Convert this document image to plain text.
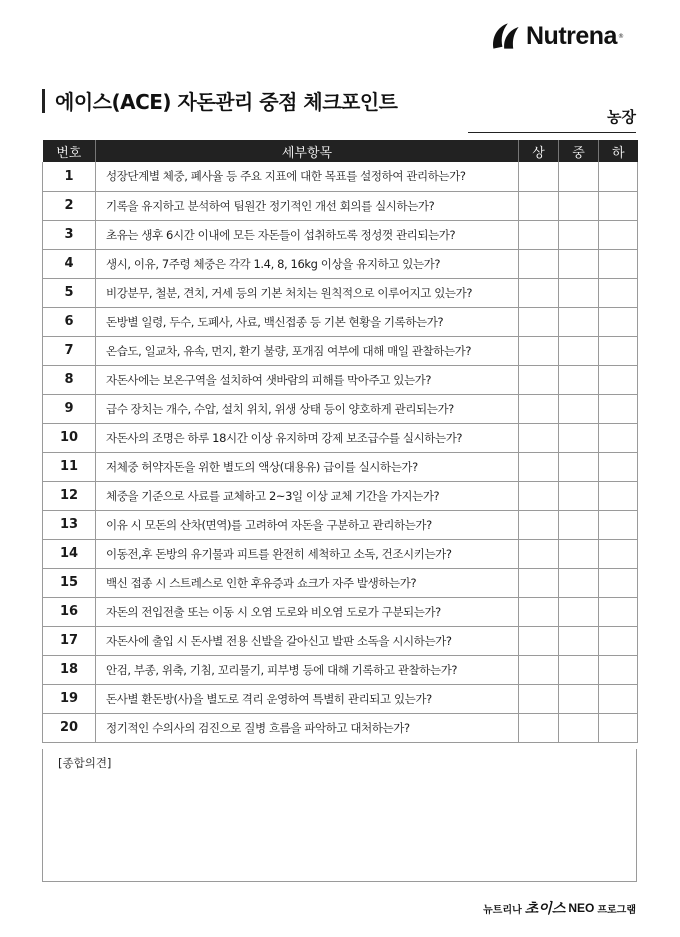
Nutrena ®
에이스(ACE) 자돈관리 중점 체크포인트
농장
번호	세부항목	상	중	하
1	성장단계별 체중, 폐사율 등 주요 지표에 대한 목표를 설정하여 관리하는가?			
2	기록을 유지하고 분석하여 팀원간 정기적인 개선 회의를 실시하는가?			
3	초유는 생후 6시간 이내에 모든 자돈들이 섭취하도록 정성껏 관리되는가?			
4	생시, 이유, 7주령 체중은 각각 1.4, 8, 16kg 이상을 유지하고 있는가?			
5	비강분무, 철분, 견치, 거세 등의 기본 처치는 원칙적으로 이루어지고 있는가?			
6	돈방별 일령, 두수, 도폐사, 사료, 백신접종 등 기본 현황을 기록하는가?			
7	온습도, 일교차, 유속, 먼지, 환기 불량, 포개짐 여부에 대해 매일 관찰하는가?			
8	자돈사에는 보온구역을 설치하여 샛바람의 피해를 막아주고 있는가?			
9	급수 장치는 개수, 수압, 설치 위치, 위생 상태 등이 양호하게 관리되는가?			
10	자돈사의 조명은 하루 18시간 이상 유지하며 강제 보조급수를 실시하는가?			
11	저체중 허약자돈을 위한 별도의 액상(대용유) 급이를 실시하는가?			
12	체중을 기준으로 사료를 교체하고 2~3일 이상 교체 기간을 가지는가?			
13	이유 시 모돈의 산차(면역)를 고려하여 자돈을 구분하고 관리하는가?			
14	이동전,후 돈방의 유기물과 피트를 완전히 세척하고 소독, 건조시키는가?			
15	백신 접종 시 스트레스로 인한 후유증과 쇼크가 자주 발생하는가?			
16	자돈의 전입전출 또는 이동 시 오염 도로와 비오염 도로가 구분되는가?			
17	자돈사에 출입 시 돈사별 전용 신발을 갈아신고 발판 소독을 시시하는가?			
18	안검, 부종, 위축, 기침, 꼬리물기, 피부병 등에 대해 기록하고 관찰하는가?			
19	돈사별 환돈방(사)을 별도로 격리 운영하여 특별히 관리되고 있는가?			
20	정기적인 수의사의 검진으로 질병 흐름을 파악하고 대처하는가?			
[종합의견]
뉴트리나 초이스 NEO 프로그램
